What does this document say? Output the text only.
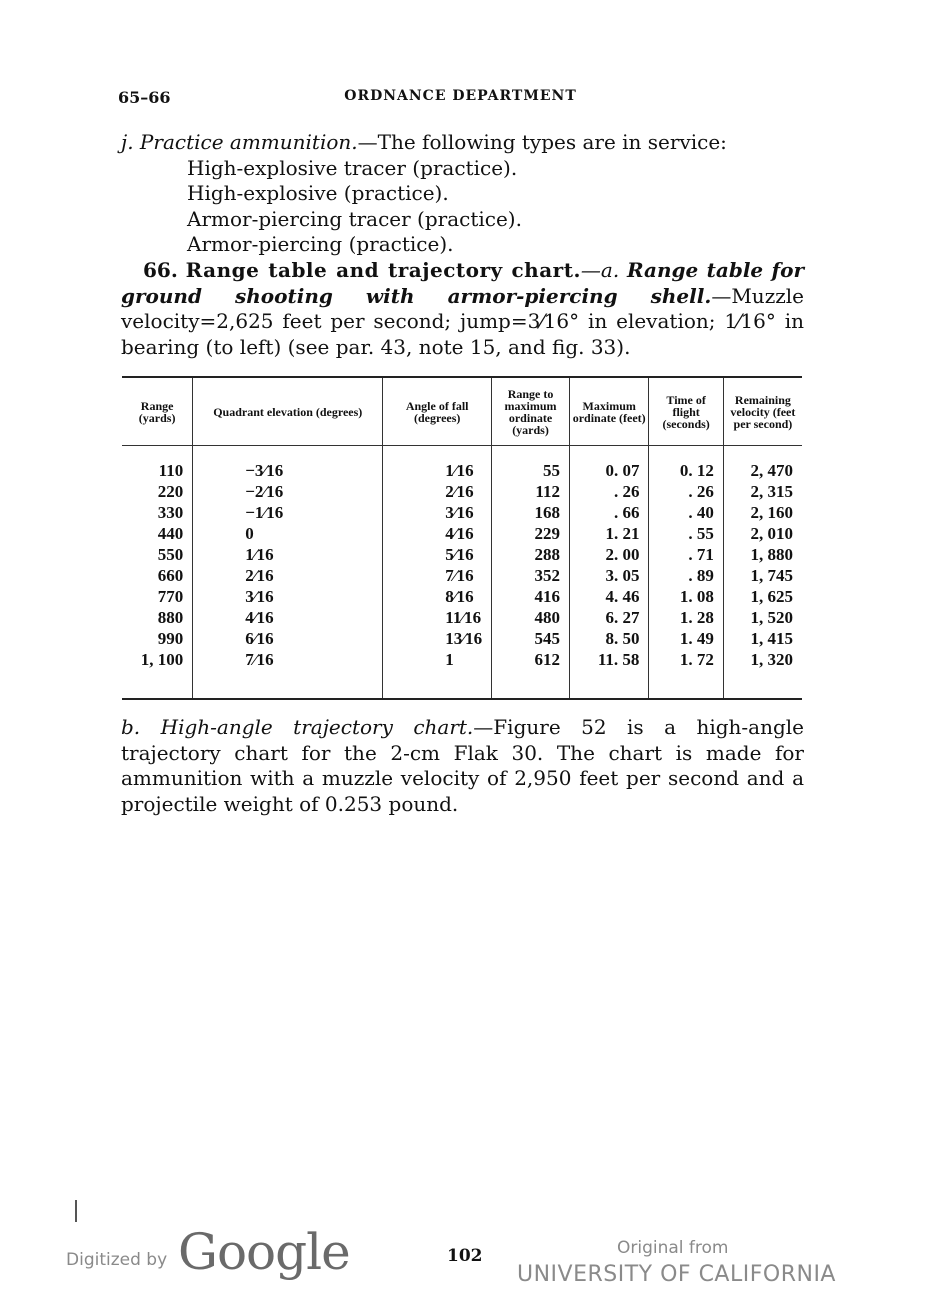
65–66	ORDNANCE DEPARTMENT
j. Practice ammunition.—The following types are in service:
High-explosive tracer (practice).
High-explosive (practice).
Armor-piercing tracer (practice).
Armor-piercing (practice).
66. Range table and trajectory chart.—a. Range table for ground shooting with armor-piercing shell.—Muzzle velocity=2,625 feet per second; jump=3⁄16° in elevation; 1⁄16° in bearing (to left) (see par. 43, note 15, and fig. 33).
Range (yards)	Quadrant elevation (degrees)	Angle of fall (degrees)	Range to maximum ordinate (yards)	Maximum ordinate (feet)	Time of flight (seconds)	Remaining velocity (feet per second)

110	−3⁄16	1⁄16	55	0. 07	0. 12	2, 470
220	−2⁄16	2⁄16	112	. 26	. 26	2, 315
330	−1⁄16	3⁄16	168	. 66	. 40	2, 160
440	0	4⁄16	229	1. 21	. 55	2, 010
550	1⁄16	5⁄16	288	2. 00	. 71	1, 880
660	2⁄16	7⁄16	352	3. 05	. 89	1, 745
770	3⁄16	8⁄16	416	4. 46	1. 08	1, 625
880	4⁄16	11⁄16	480	6. 27	1. 28	1, 520
990	6⁄16	13⁄16	545	8. 50	1. 49	1, 415
1, 100	7⁄16	1	612	11. 58	1. 72	1, 320

b. High-angle trajectory chart.—Figure 52 is a high-angle trajectory chart for the 2-cm Flak 30. The chart is made for ammunition with a muzzle velocity of 2,950 feet per second and a projectile weight of 0.253 pound.
Digitized by Google	102	Original from
UNIVERSITY OF CALIFORNIA
